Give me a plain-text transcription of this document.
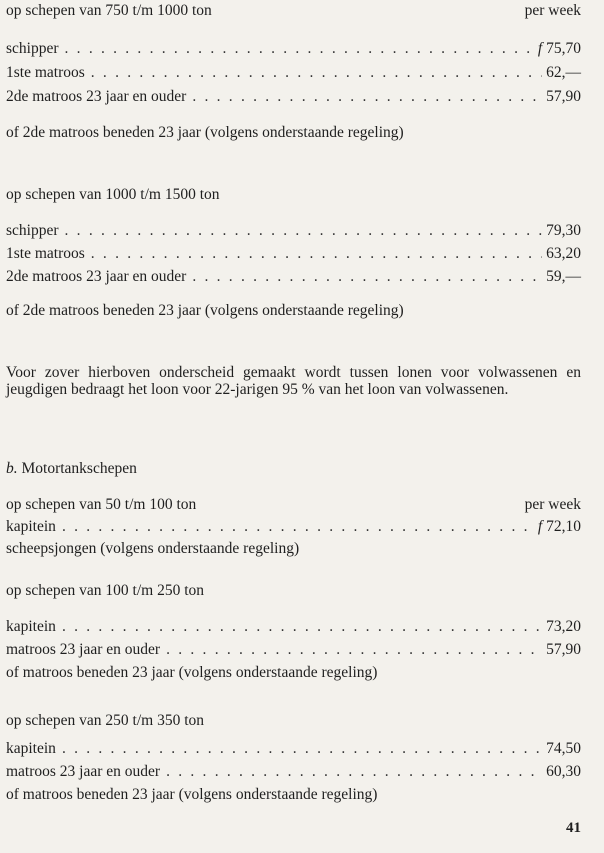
op schepen van 750 t/m 1000 ton	per week
schipper . . .	f 75,70
1ste matroos . . .	62,—
2de matroos 23 jaar en ouder . . .	57,90
of 2de matroos beneden 23 jaar (volgens onderstaande regeling)
op schepen van 1000 t/m 1500 ton
schipper . . .	79,30
1ste matroos . . .	63,20
2de matroos 23 jaar en ouder . . .	59,—
of 2de matroos beneden 23 jaar (volgens onderstaande regeling)
Voor zover hierboven onderscheid gemaakt wordt tussen lonen voor volwassenen en jeugdigen bedraagt het loon voor 22-jarigen 95 % van het loon van volwassenen.
b.
Motortankschepen
op schepen van 50 t/m 100 ton	per week
kapitein . . .	f 72,10
scheepsjongen (volgens onderstaande regeling)
op schepen van 100 t/m 250 ton
kapitein . . .	73,20
matroos 23 jaar en ouder . . .	57,90
of matroos beneden 23 jaar (volgens onderstaande regeling)
op schepen van 250 t/m 350 ton
kapitein . . .	74,50
matroos 23 jaar en ouder . . .	60,30
of matroos beneden 23 jaar (volgens onderstaande regeling)
41
